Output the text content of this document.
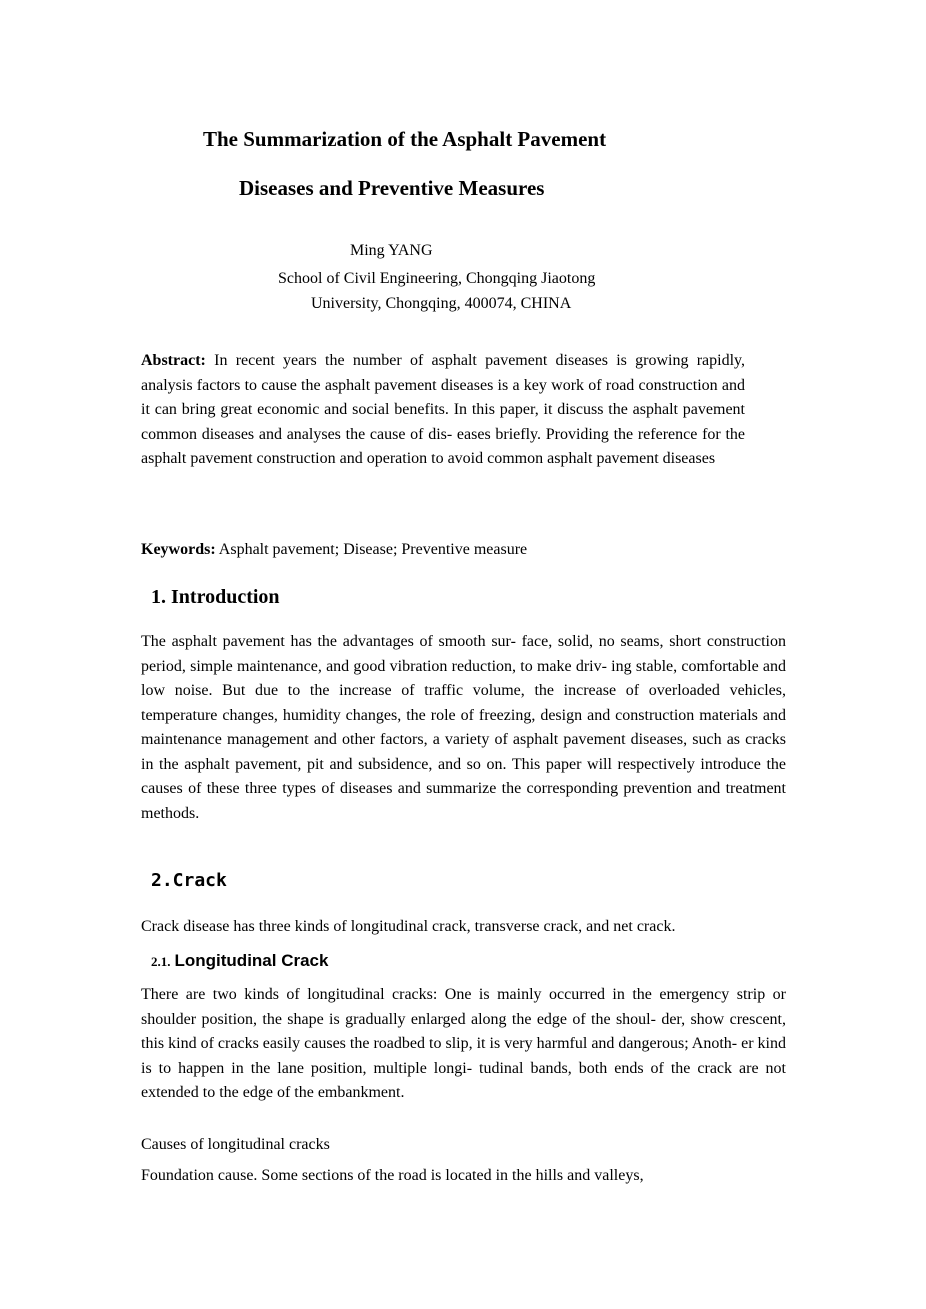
The Summarization of the Asphalt Pavement
Diseases and Preventive Measures
Ming YANG
School of Civil Engineering, Chongqing Jiaotong
University, Chongqing, 400074, CHINA
Abstract: In recent years the number of asphalt pavement diseases is growing rapidly, analysis factors to cause the asphalt pavement diseases is a key work of road construction and it can bring great economic and social benefits. In this paper, it discuss the asphalt pavement common diseases and analyses the cause of dis- eases briefly. Providing the reference for the asphalt pavement construction and operation to avoid common asphalt pavement diseases
Keywords: Asphalt pavement; Disease; Preventive measure
1. Introduction
The asphalt pavement has the advantages of smooth sur- face, solid, no seams, short construction period, simple maintenance, and good vibration reduction, to make driv- ing stable, comfortable and low noise. But due to the increase of traffic volume, the increase of overloaded vehicles, temperature changes, humidity changes, the role of freezing, design and construction materials and maintenance management and other factors, a variety of asphalt pavement diseases, such as cracks in the asphalt pavement, pit and subsidence, and so on. This paper will respectively introduce the causes of these three types of diseases and summarize the corresponding prevention and treatment methods.
2.Crack
Crack disease has three kinds of longitudinal crack, transverse crack, and net crack.
2.1. Longitudinal Crack
There are two kinds of longitudinal cracks: One is mainly occurred in the emergency strip or shoulder position, the shape is gradually enlarged along the edge of the shoul- der, show crescent, this kind of cracks easily causes the roadbed to slip, it is very harmful and dangerous; Anoth- er kind is to happen in the lane position, multiple longi- tudinal bands, both ends of the crack are not extended to the edge of the embankment.
Causes of longitudinal cracks
Foundation cause. Some sections of the road is located in the hills and valleys,
